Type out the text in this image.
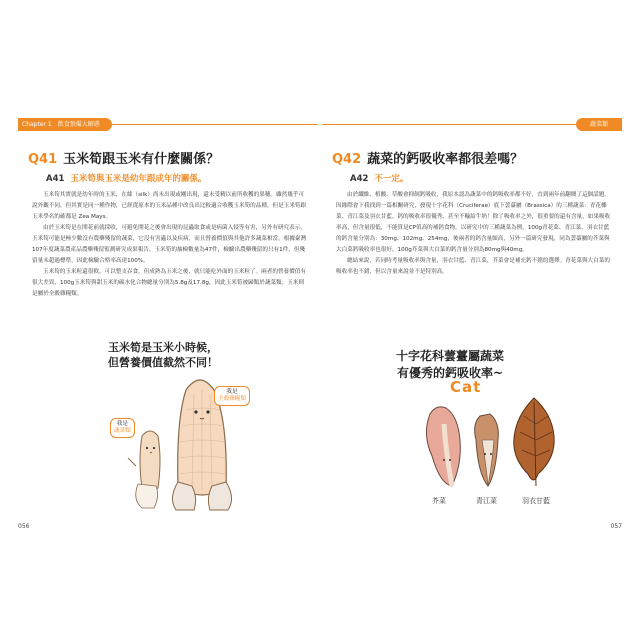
Chapter 1　飲食預備大解惑
Q41 玉米筍跟玉米有什麼關係？
A41 玉米筍與玉米是幼年跟成年的關係。

玉米筍其實就是幼年時的玉米，在絲（silk）尚未出現或剛出現，還未受精以前所收穫的果穗。雖然幾乎可說外觀不同，但其實是同一種作物，已經從原本的玉米品種中改良出比較適合收穫玉米筍的品種，但是玉米筍跟玉米學名的確都是 Zea Mays。

由於玉米筍是在開花前就採收，可避免開花之後會出現的昆蟲取食或是病菌入侵等有害，另外有研究表示，玉米筍可能是極少數沒有農藥殘留的蔬菜，它沒有害蟲以及疾病，而且營養價值與其他許多蔬菜相當。根據臺灣107年度蔬菜農產品農藥殘留監測研究成果報告，玉米筍的抽檢數量為47件，檢驗出農藥殘留的只有1件，但殘留量未超過標準，因此檢驗合格率高達100%。

玉米筍的玉米粒還很軟，可以整支吞食，但成熟為玉米之後，就只能吃外面的玉米粒了。兩者的營養價值有很大差異，100g玉米筍與甜玉米的碳水化合物總量分別為5.8g及17.8g，因此玉米筍被歸類於蔬菜類；玉米則是屬於全穀雜糧類。

玉米筍是玉米小時候，
但營養價值截然不同！
我是
蔬菜類
我是
全穀雜糧類
056
蔬菜類
Q42 蔬菜的鈣吸收率都很差嗎？
A42 不一定。

由於纖維、植酸、草酸會抑制鈣吸收，我原本認為蔬菜中的鈣吸收率都不好，直到兩年前翻閱了這個話題。因緣際會下我找到一篇相關研究，發現十字花科（Cruciferae）底下蕓薹屬（Brassica）的三種蔬菜：青花椰菜、青江菜及羽衣甘藍，鈣的吸收率很優秀，甚至不輸給牛奶！除了吸收率之外，很重要的還有含量，如果吸收率高，但含量很低，不能算是CP值高的補鈣食物。以研究中的三種蔬菜為例，100g青花菜、青江菜、羽衣甘藍的鈣含量分別為：30mg、102mg、254mg，後兩者的鈣含量頗高，另外一篇研究發現，同為蕓薹屬的芥菜與大白菜鈣吸收率也很好，100g芥菜與大白菜的鈣含量分別為80mg與40mg。

總結來說，若同時考量吸收率與含量，羽衣甘藍、青江菜，芥菜會是補充鈣不錯的選擇。青花菜與大白菜的吸收率也不錯，但以含量來說並不是特別高。

十字花科蕓薹屬蔬菜
有優秀的鈣吸收率~
Cat
芥菜	青江菜	羽衣甘藍
057
